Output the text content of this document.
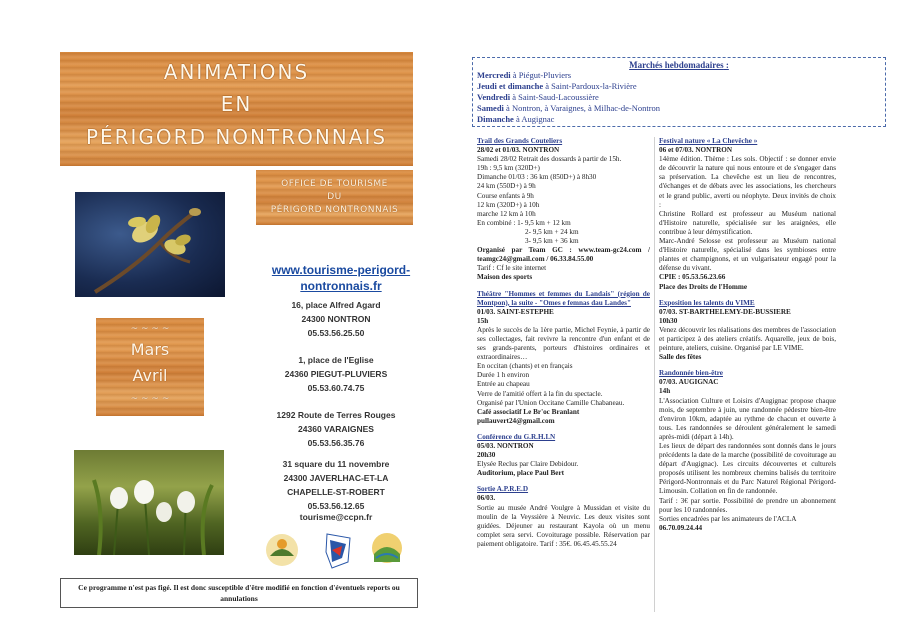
ANIMATIONS
EN
PÉRIGORD NONTRONNAIS
OFFICE DE TOURISME
DU
PÉRIGORD NONTRONNAIS
~ ~ ~ ~
Mars
Avril
~ ~ ~ ~
www.tourisme-perigord-
nontronnais.fr
16, place Alfred Agard
24300 NONTRON
05.53.56.25.50
1, place de l'Eglise
24360 PIEGUT-PLUVIERS
05.53.60.74.75
1292 Route de Terres Rouges
24360 VARAIGNES
05.53.56.35.76
31 square du 11 novembre
24300 JAVERLHAC-ET-LA
CHAPELLE-ST-ROBERT
05.53.56.12.65
tourisme@ccpn.fr
Ce programme n'est pas figé. Il est donc susceptible d'être modifié en fonction d'éventuels reports ou annulations
Marchés hebdomadaires :
Mercredi à Piégut-Pluviers
Jeudi et dimanche à Saint-Pardoux-la-Rivière
Vendredi à Saint-Saud-Lacoussière
Samedi à Nontron, à Varaignes, à Milhac-de-Nontron
Dimanche à Augignac
Trail des Grands Couteliers
28/02 et 01/03. NONTRON
Samedi 28/02 Retrait des dossards à partir de 15h.
19h : 9,5 km (320D+)
Dimanche 01/03 : 36 km (850D+) à 8h30
24 km (550D+) à 9h
Course enfants à 9h
12 km (320D+) à 10h
marche 12 km à 10h
En combiné : 1- 9,5 km + 12 km
2- 9,5 km + 24 km
3- 9,5 km + 36 km

Organisé par Team GC : www.team-gc24.com / teamgc24@gmail.com / 06.33.84.55.00

Tarif : Cf le site internet
Maison des sports

Théâtre "Hommes et femmes du Landais" (région de Montpon), la suite - "Omes e femnas dau Landes"

01/03. SAINT-ESTEPHE
15h

Après le succès de la 1ère partie, Michel Feynie, à partir de ses collectages, fait revivre la rencontre d'un enfant et de ses grands-parents, porteurs d'histoires ordinaires et extraordinaires…

En occitan (chants) et en français
Durée 1 h environ
Entrée au chapeau
Verre de l'amitié offert à la fin du spectacle.
Organisé par l'Union Occitane Camille Chabaneau.
Café associatif Le Br'oc Branlant
pullauvert24@gmail.com
Conférence du G.R.H.I.N
05/03. NONTRON
20h30
Elysée Reclus par Claire Debidour.
Auditorium, place Paul Bert
Sortie A.P.R.E.D
06/03.

Sortie au musée André Voulgre à Mussidan et visite du moulin de la Veyssière à Neuvic. Les deux visites sont guidées. Déjeuner au restaurant Kayola où un menu complet sera servi. Covoiturage possible. Réservation par paiement obligatoire. Tarif : 35€. 06.45.45.55.24

Festival nature « La Chevêche »
06 et 07/03. NONTRON

14ème édition. Thème : Les sols. Objectif : se donner envie de découvrir la nature qui nous entoure et de s'engager dans sa préservation. La chevêche est un lieu de rencontres, d'échanges et de débats avec les associations, les chercheurs et le grand public, averti ou néophyte. Deux invités de choix :

Christine Rollard est professeur au Muséum national d'Histoire naturelle, spécialisée sur les araignées, elle contribue à leur démystification.

Marc-André Selosse est professeur au Muséum national d'Histoire naturelle, spécialisé dans les symbioses entre plantes et champignons, et un vulgarisateur engagé pour la défense du vivant.

CPIE : 05.53.56.23.66
Place des Droits de l'Homme
Exposition les talents du VIME
07/03. ST-BARTHELEMY-DE-BUSSIERE
10h30

Venez découvrir les réalisations des membres de l'association et participez à des ateliers créatifs. Aquarelle, jeux de bois, peinture, ateliers, cuisine. Organisé par LE VIME.

Salle des fêtes
Randonnée bien-être
07/03. AUGIGNAC
14h

L'Association Culture et Loisirs d'Augignac propose chaque mois, de septembre à juin, une randonnée pédestre bien-être d'environ 10km, adaptée au rythme de chacun et ouverte à tous. Les randonnées se déroulent généralement le samedi après-midi (départ à 14h).

Les lieux de départ des randonnées sont donnés dans le jours précédents la date de la marche (possibilité de covoiturage au départ d'Augignac). Les circuits découvertes et culturels proposés utilisent les nombreux chemins balisés du territoire Périgord-Nontronnais et du Parc Naturel Régional Périgord-Limousin. Collation en fin de randonnée.

Tarif : 3€ par sortie. Possibilité de prendre un abonnement pour les 10 randonnées.

Sorties encadrées par les animateurs de l'ACLA
06.70.09.24.44
